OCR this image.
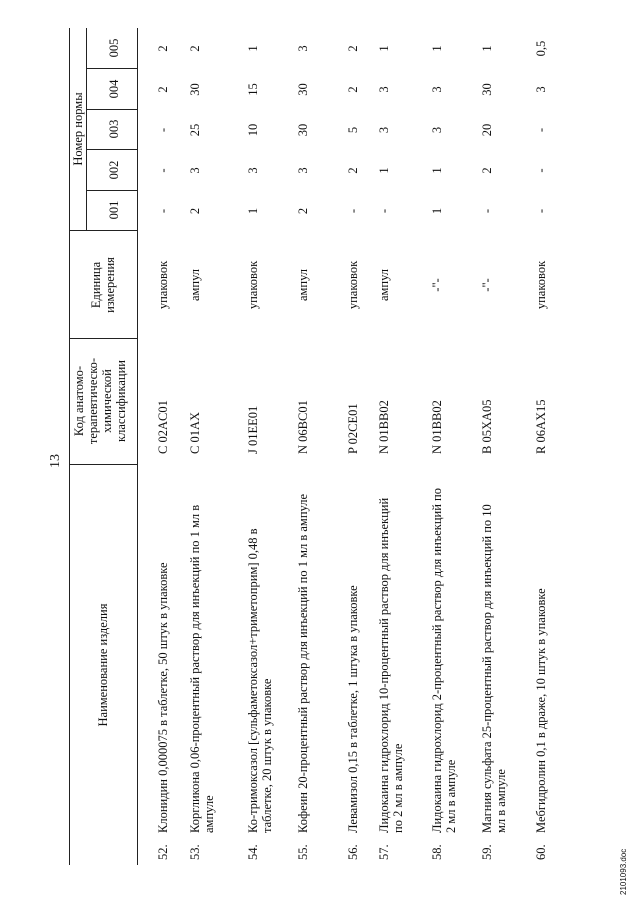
13
2101093.doc
Наименование изделия
Код анатомо-терапевтическо-химической классификации
Единица измерения
Номер нормы
001
002
003
004
005
52.
Клонидин 0,000075 в таблетке, 50 штук в упаковке
C 02AC01
упаковок
-
-
-
2
2
53.
Коргликона 0,06-процентный раствор для инъекций по 1 мл в ампуле
C 01AX
ампул
2
3
25
30
2
54.
Ко-тримоксазол [сульфаметоксазол+триметоприм] 0,48 в таблетке, 20 штук в упаковке
J 01EE01
упаковок
1
3
10
15
1
55.
Кофеин 20-процентный раствор для инъекций по 1 мл в ампуле
N 06BC01
ампул
2
3
30
30
3
56.
Левамизол 0,15 в таблетке, 1 штука в упаковке
P 02CE01
упаковок
-
2
5
2
2
57.
Лидокаина гидрохлорид 10-процентный раствор для инъекций по 2 мл в ампуле
N 01BB02
ампул
-
1
3
3
1
58.
Лидокаина гидрохлорид 2-процентный раствор для инъекций по 2 мл в ампуле
N 01BB02
-"-
1
1
3
3
1
59.
Магния сульфата 25-процентный раствор для инъекций по 10 мл в ампуле
B 05XA05
-"-
-
2
20
30
1
60.
Мебгидролин 0,1 в драже, 10 штук в упаковке
R 06AX15
упаковок
-
-
-
3
0,5
